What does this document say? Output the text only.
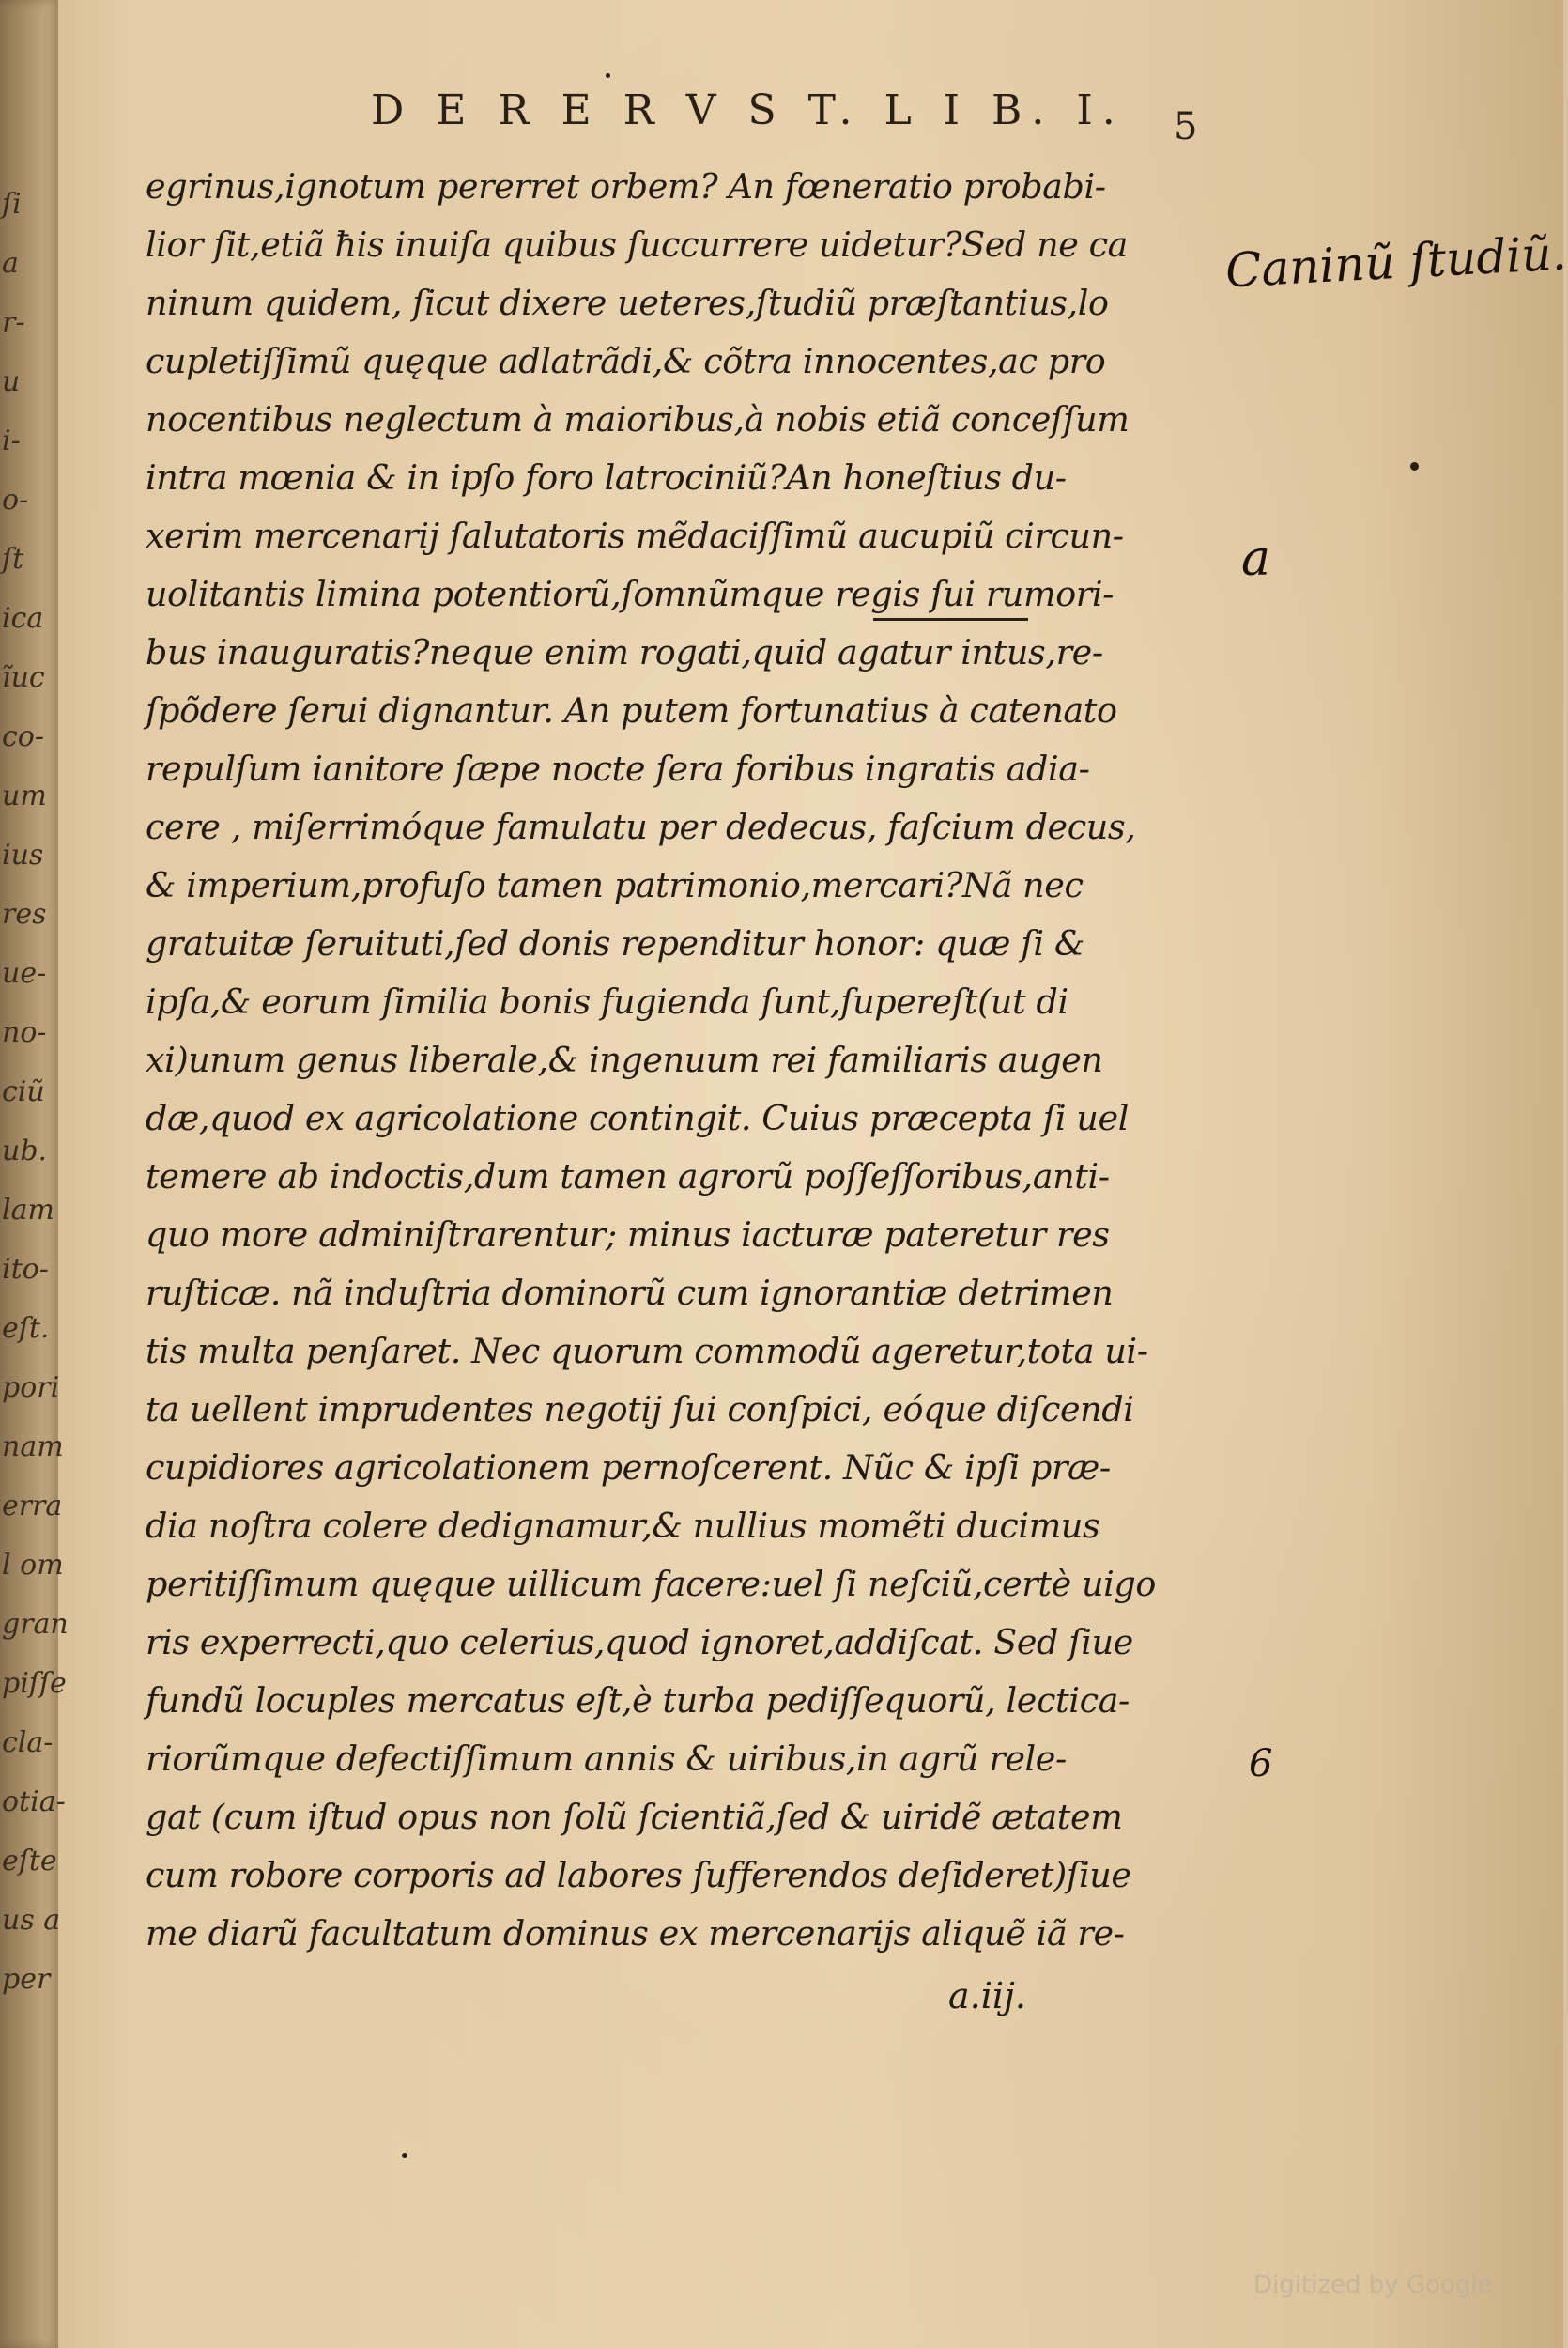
ſi
a
r-
u
i-
o-
ſt
ica
ĩuc
co-
um
ius
res
ue-
no-
ciũ
ub.
lam
ito-
eſt.
pori
nam
erra
l om
gran
piſſe
cla-
otia-
eſte
us a
per
D E R E R V S T. L I B. I. 5
egrinus,ignotum pererret orbem? An fœneratio probabi-
lior ſit,etiã ħis inuiſa quibus ſuccurrere uidetur?Sed ne ca
ninum quidem, ſicut dixere ueteres,ſtudiũ præſtantius,lo
cupletiſſimũ quęque adlatrãdi,& cõtra innocentes,ac pro
nocentibus neglectum à maioribus,à nobis etiã conceſſum
intra mœnia & in ipſo foro latrociniũ?An honeſtius du-
xerim mercenarij ſalutatoris mẽdaciſſimũ aucupiũ circun-
uolitantis limina potentiorũ,ſomnũmque regis ſui rumori-
bus inauguratis?neque enim rogati,quid agatur intus,re-
ſpõdere ſerui dignantur. An putem fortunatius à catenato
repulſum ianitore ſæpe nocte ſera foribus ingratis adia-
cere , miſerrimóque famulatu per dedecus, faſcium decus,
& imperium,profuſo tamen patrimonio,mercari?Nã nec
gratuitæ ſeruituti,ſed donis rependitur honor: quæ ſi &
ipſa,& eorum ſimilia bonis fugienda ſunt,ſupereſt(ut di
xi)unum genus liberale,& ingenuum rei familiaris augen
dæ,quod ex agricolatione contingit. Cuius præcepta ſi uel
temere ab indoctis,dum tamen agrorũ poſſeſſoribus,anti-
quo more adminiſtrarentur; minus iacturæ pateretur res
ruſticæ. nã induſtria dominorũ cum ignorantiæ detrimen
tis multa penſaret. Nec quorum commodũ ageretur,tota ui-
ta uellent imprudentes negotij ſui conſpici, eóque diſcendi
cupidiores agricolationem pernoſcerent. Nũc & ipſi præ-
dia noſtra colere dedignamur,& nullius momẽti ducimus
peritiſſimum quęque uillicum facere:uel ſi neſciũ,certè uigo
ris experrecti,quo celerius,quod ignoret,addiſcat. Sed ſiue
fundũ locuples mercatus eſt,è turba pediſſequorũ, lectica-
riorũmque defectiſſimum annis & uiribus,in agrũ rele-
gat (cum iſtud opus non ſolũ ſcientiã,ſed & uiridẽ ætatem
cum robore corporis ad labores ſufferendos deſideret)ſiue
me diarũ facultatum dominus ex mercenarijs aliquẽ iã re-
a.iij.
Caninũ ſtudiũ.
a
6
Digitized by Google
